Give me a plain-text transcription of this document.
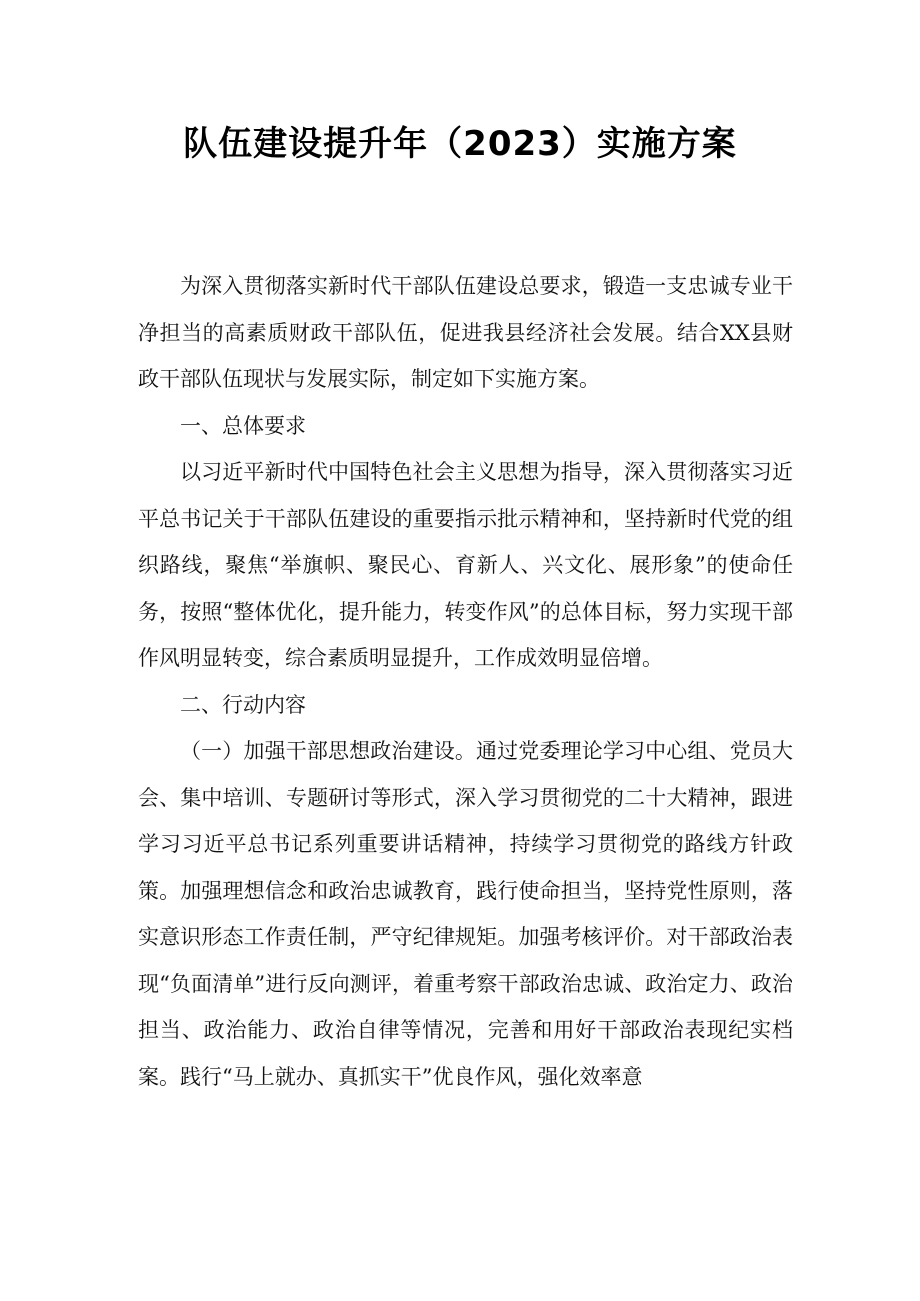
队伍建设提升年（2023）实施方案

为深入贯彻落实新时代干部队伍建设总要求，锻造一支忠诚专业干净担当的高素质财政干部队伍，促进我县经济社会发展。结合XX县财政干部队伍现状与发展实际，制定如下实施方案。

一、总体要求

以习近平新时代中国特色社会主义思想为指导，深入贯彻落实习近平总书记关于干部队伍建设的重要指示批示精神和，坚持新时代党的组织路线，聚焦“举旗帜、聚民心、育新人、兴文化、展形象”的使命任务，按照“整体优化，提升能力，转变作风”的总体目标，努力实现干部作风明显转变，综合素质明显提升，工作成效明显倍增。

二、行动内容

（一）加强干部思想政治建设。通过党委理论学习中心组、党员大会、集中培训、专题研讨等形式，深入学习贯彻党的二十大精神，跟进学习习近平总书记系列重要讲话精神，持续学习贯彻党的路线方针政策。加强理想信念和政治忠诚教育，践行使命担当，坚持党性原则，落实意识形态工作责任制，严守纪律规矩。加强考核评价。对干部政治表现“负面清单”进行反向测评，着重考察干部政治忠诚、政治定力、政治担当、政治能力、政治自律等情况，完善和用好干部政治表现纪实档案。践行“马上就办、真抓实干”优良作风，强化效率意
